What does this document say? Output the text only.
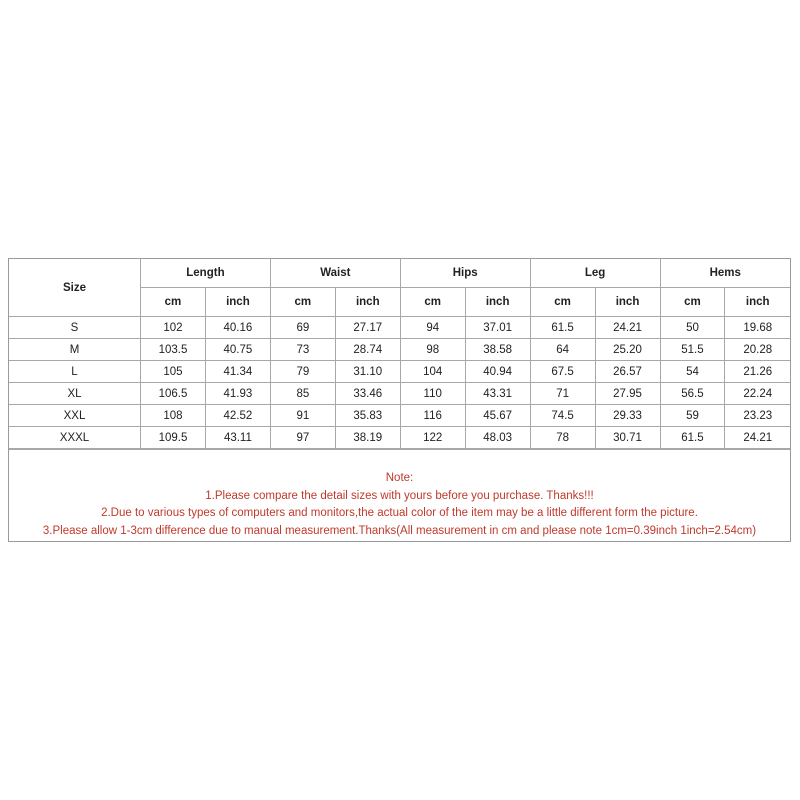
Size	Length		Waist		Hips		Leg		Hems	
	cm	inch	cm	inch	cm	inch	cm	inch	cm	inch
S	102	40.16	69	27.17	94	37.01	61.5	24.21	50	19.68
M	103.5	40.75	73	28.74	98	38.58	64	25.20	51.5	20.28
L	105	41.34	79	31.10	104	40.94	67.5	26.57	54	21.26
XL	106.5	41.93	85	33.46	110	43.31	71	27.95	56.5	22.24
XXL	108	42.52	91	35.83	116	45.67	74.5	29.33	59	23.23
XXXL	109.5	43.11	97	38.19	122	48.03	78	30.71	61.5	24.21
Note:
1.Please compare the detail sizes with yours before you purchase. Thanks!!!
2.Due to various types of computers and monitors,the actual color of the item may be a little different form the picture.
3.Please allow 1-3cm difference due to manual measurement.Thanks(All measurement in cm and please note 1cm=0.39inch 1inch=2.54cm)
